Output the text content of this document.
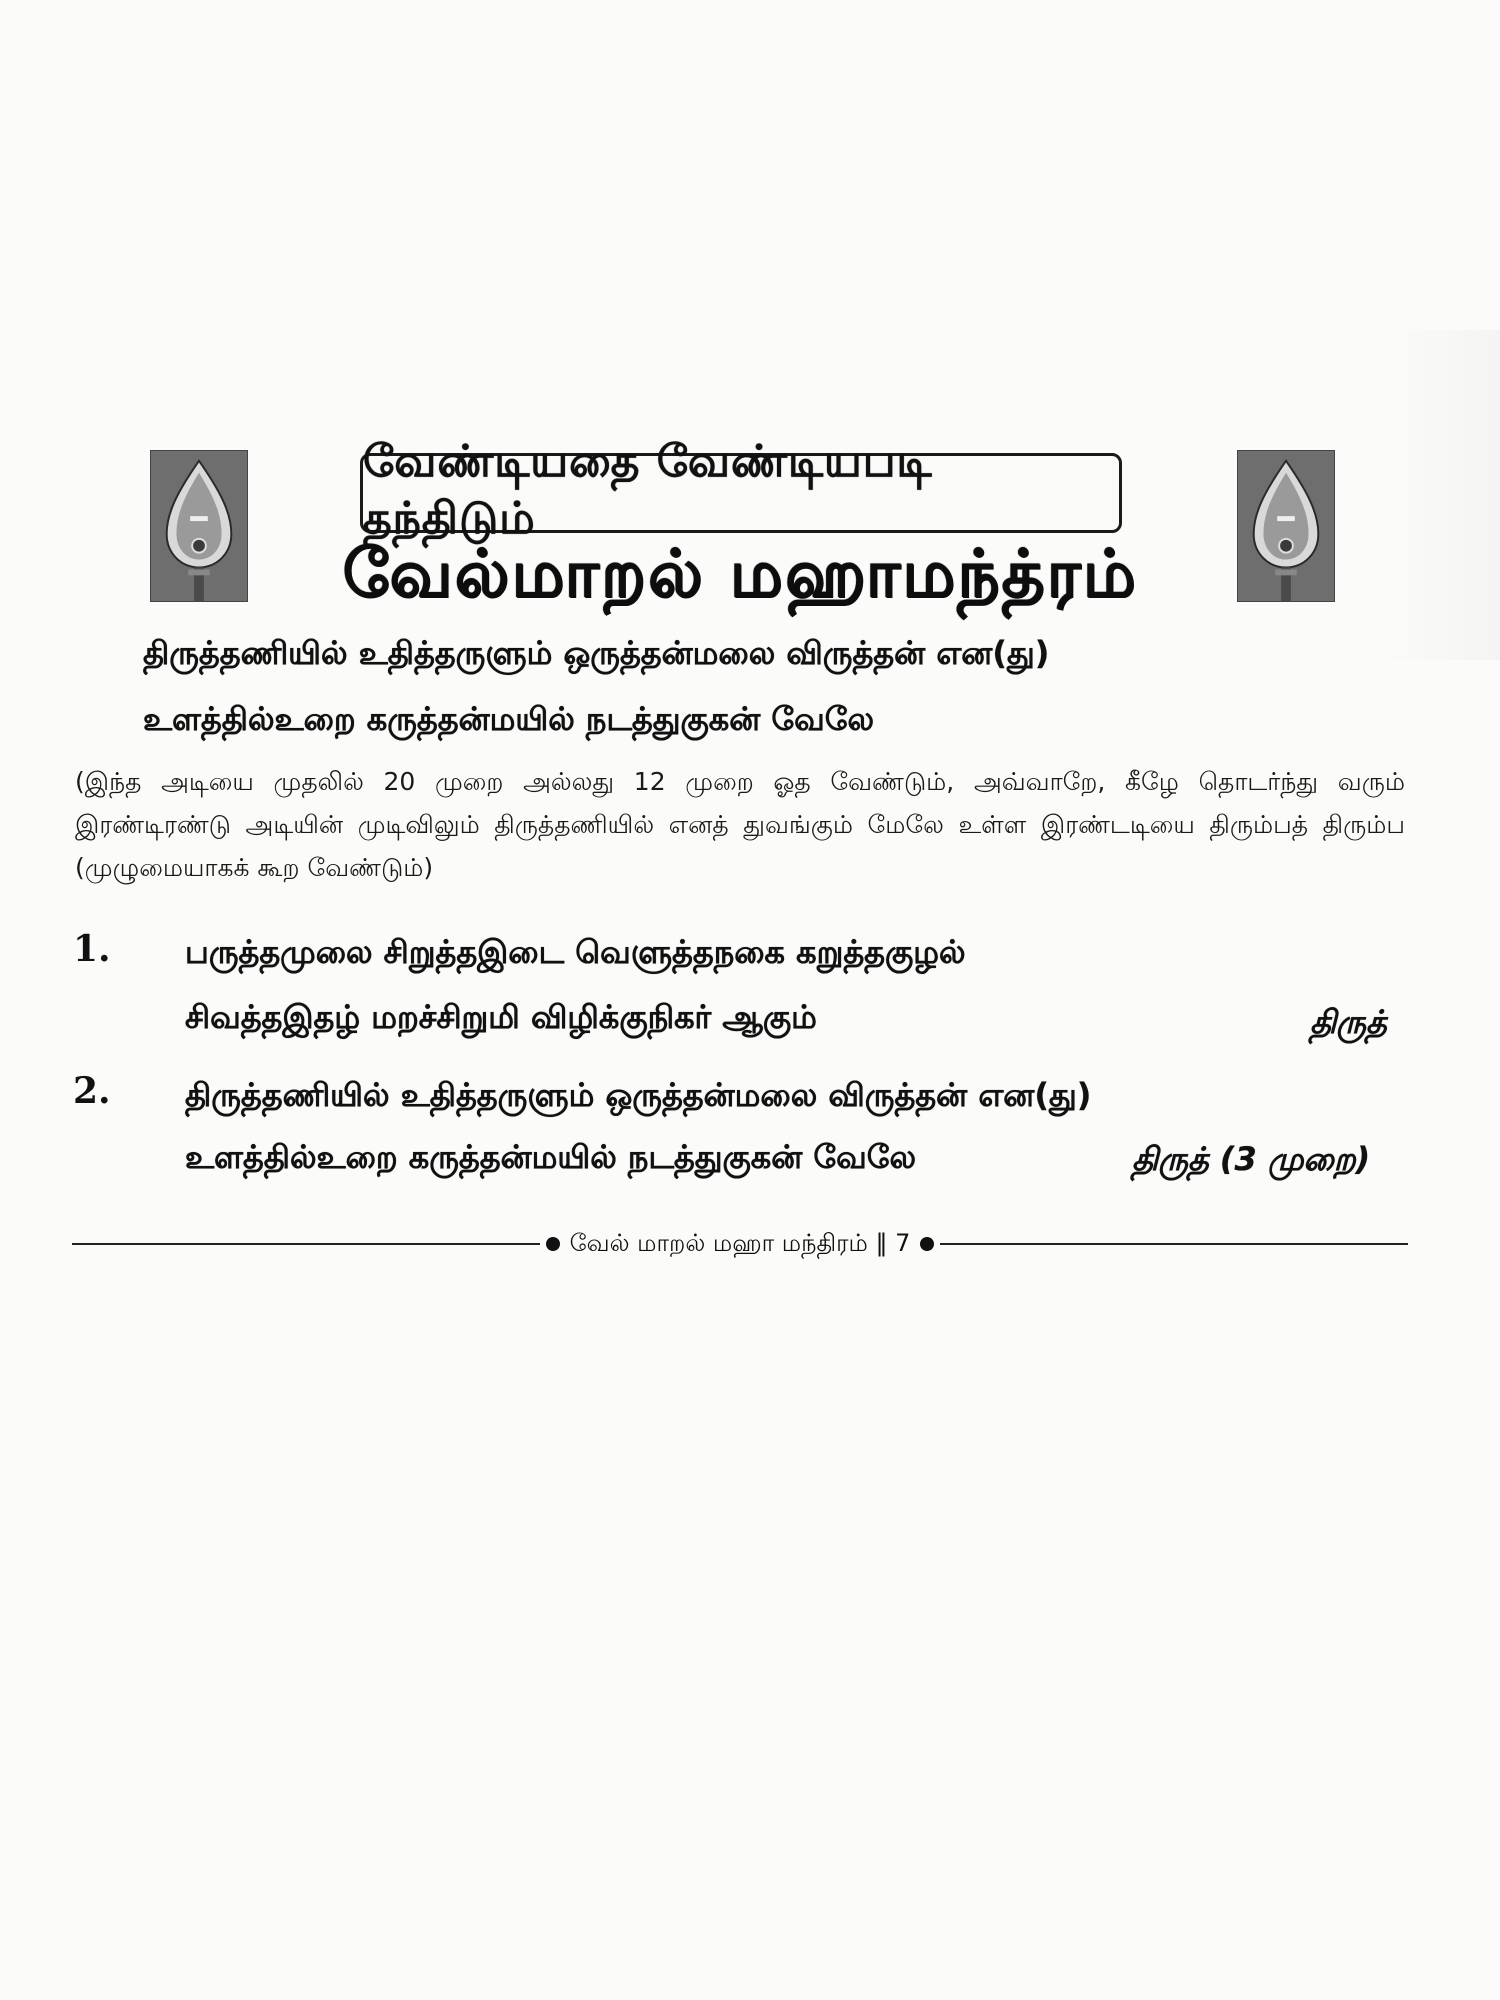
வேண்டியதை வேண்டியபடி தந்திடும்
வேல்மாறல் மஹாமந்த்ரம்
திருத்தணியில் உதித்தருளும் ஒருத்தன்மலை விருத்தன் என(து)
உளத்தில்உறை கருத்தன்மயில் நடத்துகுகன் வேலே
(இந்த அடியை முதலில் 20 முறை அல்லது 12 முறை ஓத வேண்டும், அவ்வாறே, கீழே தொடர்ந்து வரும் இரண்டிரண்டு அடியின் முடிவிலும் திருத்தணியில் எனத் துவங்கும் மேலே உள்ள இரண்டடியை திரும்பத் திரும்ப (முழுமையாகக் கூற வேண்டும்)
1. பருத்தமுலை சிறுத்தஇடை வெளுத்தநகை கறுத்தகுழல்
சிவத்தஇதழ் மறச்சிறுமி விழிக்குநிகர் ஆகும்	திருத்
2. திருத்தணியில் உதித்தருளும் ஒருத்தன்மலை விருத்தன் என(து)
உளத்தில்உறை கருத்தன்மயில் நடத்துகுகன் வேலே	திருத் (3 முறை)
வேல் மாறல் மஹா மந்திரம் ‖ 7
